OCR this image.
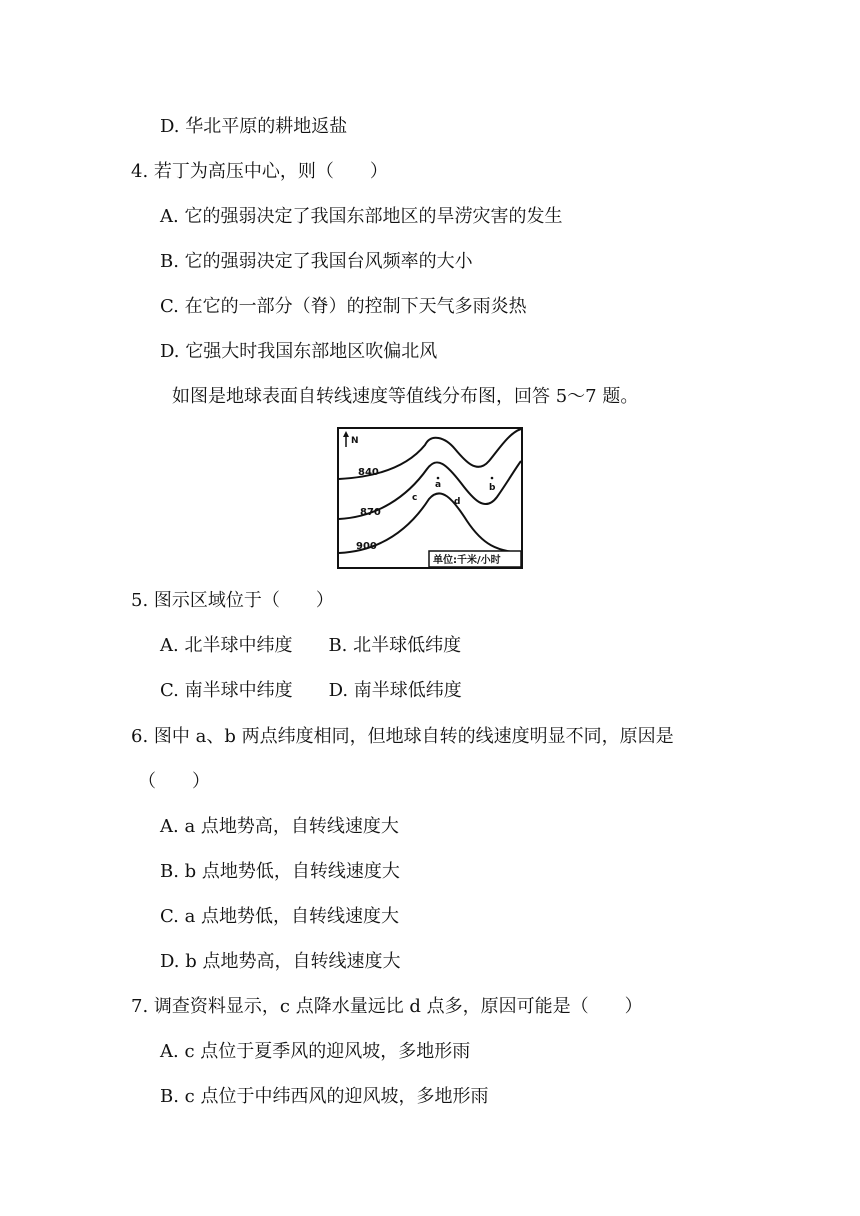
D. 华北平原的耕地返盐
4. 若丁为高压中心，则（　　）
A. 它的强弱决定了我国东部地区的旱涝灾害的发生
B. 它的强弱决定了我国台风频率的大小
C. 在它的一部分（脊）的控制下天气多雨炎热
D. 它强大时我国东部地区吹偏北风
如图是地球表面自转线速度等值线分布图，回答 5～7 题。
N
840
870
900
a	b
c	d
单位:千米/小时
5. 图示区域位于（　　）
A. 北半球中纬度　　B. 北半球低纬度
C. 南半球中纬度　　D. 南半球低纬度
6. 图中 a、b 两点纬度相同，但地球自转的线速度明显不同，原因是
（　　）
A. a 点地势高，自转线速度大
B. b 点地势低，自转线速度大
C. a 点地势低，自转线速度大
D. b 点地势高，自转线速度大
7. 调查资料显示，c 点降水量远比 d 点多，原因可能是（　　）
A. c 点位于夏季风的迎风坡，多地形雨
B. c 点位于中纬西风的迎风坡，多地形雨
